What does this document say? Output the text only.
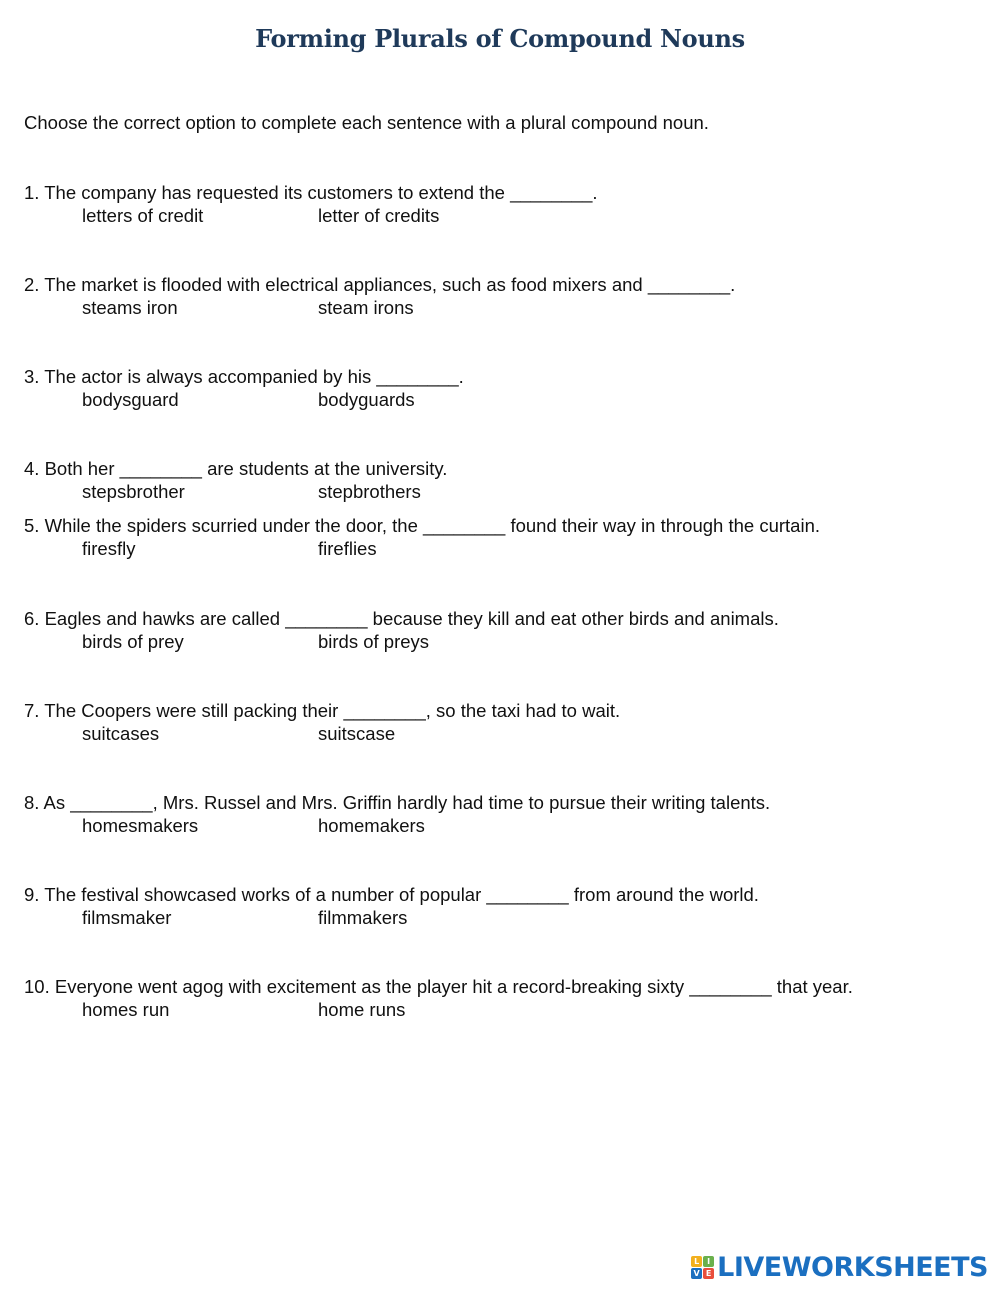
Forming Plurals of Compound Nouns
Choose the correct option to complete each sentence with a plural compound noun.
1. The company has requested its customers to extend the ________.
letters of credit	letter of credits
2. The market is flooded with electrical appliances, such as food mixers and ________.
steams iron	steam irons
3. The actor is always accompanied by his ________.
bodysguard	bodyguards
4. Both her ________ are students at the university.
stepsbrother	stepbrothers
5. While the spiders scurried under the door, the ________ found their way in through the curtain.
firesfly	fireflies
6. Eagles and hawks are called ________ because they kill and eat other birds and animals.
birds of prey	birds of preys
7. The Coopers were still packing their ________, so the taxi had to wait.
suitcases	suitscase
8. As ________, Mrs. Russel and Mrs. Griffin hardly had time to pursue their writing talents.
homesmakers	homemakers
9. The festival showcased works of a number of popular ________ from around the world.
filmsmaker	filmmakers
10. Everyone went agog with excitement as the player hit a record-breaking sixty ________ that year.
homes run	home runs
L I
V E LIVEWORKSHEETS
